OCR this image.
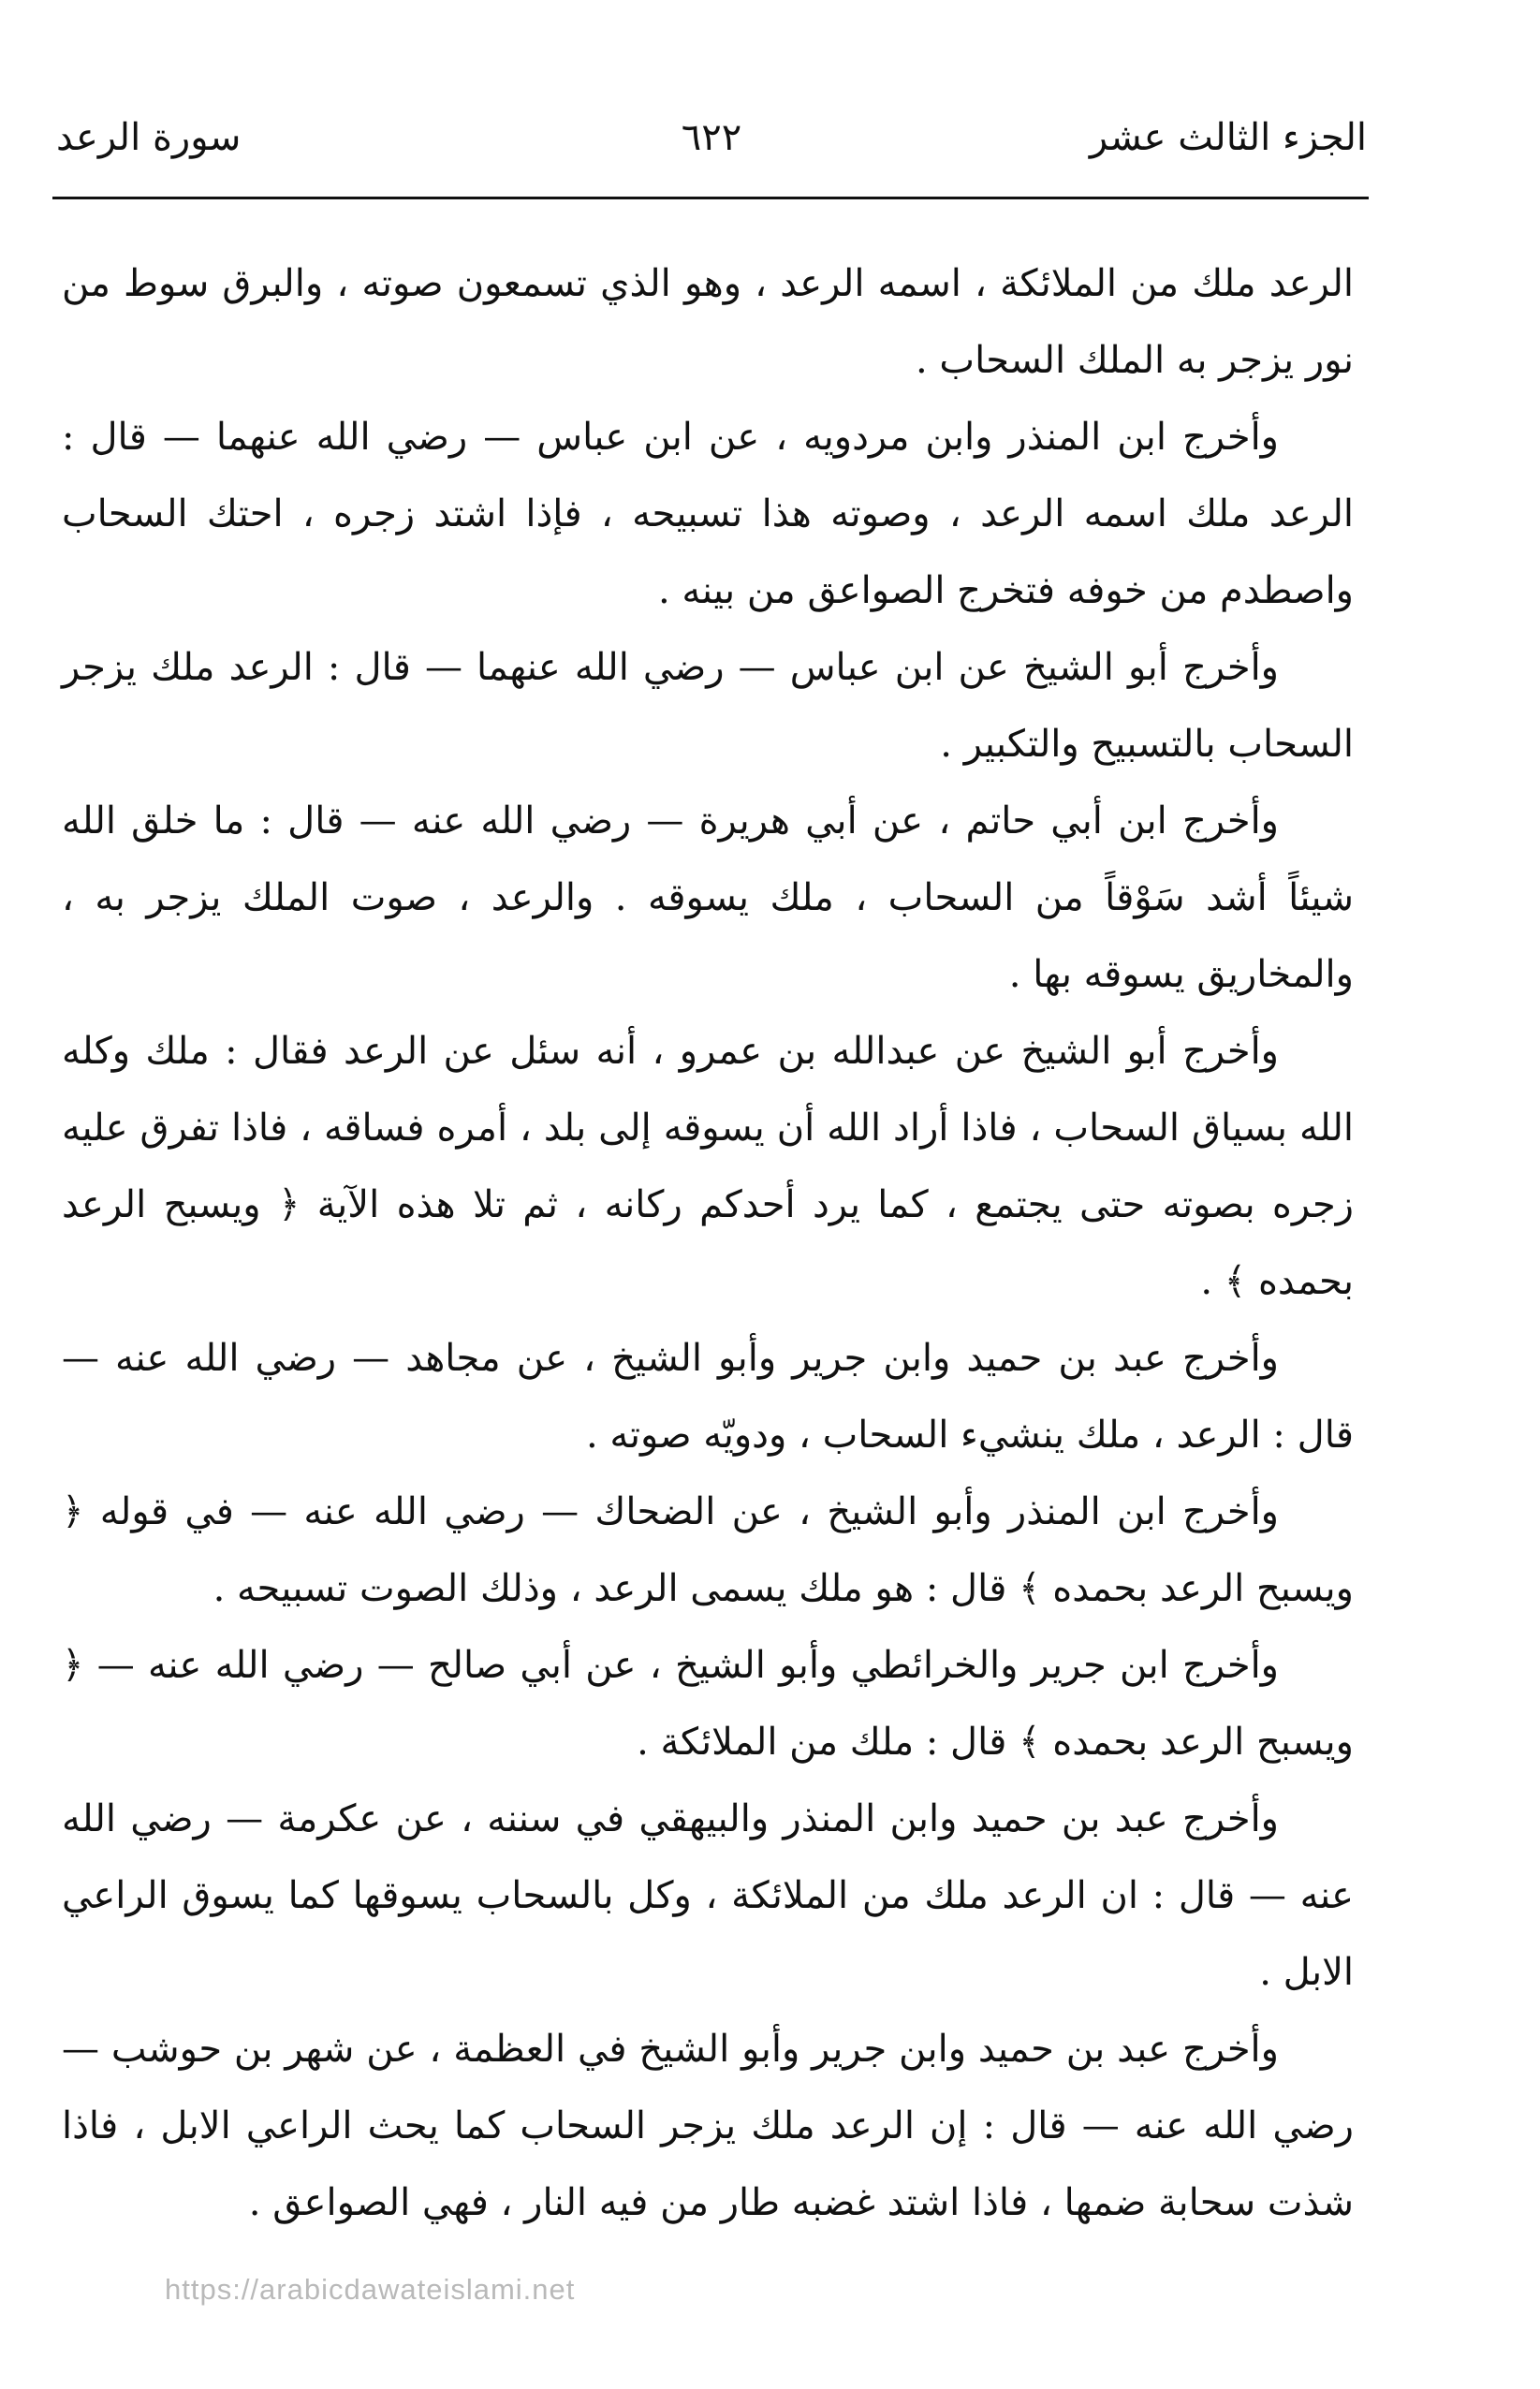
الجزء الثالث عشر
٦٢٢
سورة الرعد

الرعد ملك من الملائكة ، اسمه الرعد ، وهو الذي تسمعون صوته ، والبرق سوط من نور يزجر به الملك السحاب .

وأخرج ابن المنذر وابن مردويه ، عن ابن عباس — رضي الله عنهما — قال : الرعد ملك اسمه الرعد ، وصوته هذا تسبيحه ، فإذا اشتد زجره ، احتك السحاب واصطدم من خوفه فتخرج الصواعق من بينه .

وأخرج أبو الشيخ عن ابن عباس — رضي الله عنهما — قال : الرعد ملك يزجر السحاب بالتسبيح والتكبير .

وأخرج ابن أبي حاتم ، عن أبي هريرة — رضي الله عنه — قال : ما خلق الله شيئاً أشد سَوْقاً من السحاب ، ملك يسوقه . والرعد ، صوت الملك يزجر به ، والمخاريق يسوقه بها .

وأخرج أبو الشيخ عن عبدالله بن عمرو ، أنه سئل عن الرعد فقال : ملك وكله الله بسياق السحاب ، فاذا أراد الله أن يسوقه إلى بلد ، أمره فساقه ، فاذا تفرق عليه زجره بصوته حتى يجتمع ، كما يرد أحدكم ركانه ، ثم تلا هذه الآية ﴿ ويسبح الرعد بحمده ﴾ .

وأخرج عبد بن حميد وابن جرير وأبو الشيخ ، عن مجاهد — رضي الله عنه — قال : الرعد ، ملك ينشيء السحاب ، ودويّه صوته .

وأخرج ابن المنذر وأبو الشيخ ، عن الضحاك — رضي الله عنه — في قوله ﴿ ويسبح الرعد بحمده ﴾ قال : هو ملك يسمى الرعد ، وذلك الصوت تسبيحه .

وأخرج ابن جرير والخرائطي وأبو الشيخ ، عن أبي صالح — رضي الله عنه — ﴿ ويسبح الرعد بحمده ﴾ قال : ملك من الملائكة .

وأخرج عبد بن حميد وابن المنذر والبيهقي في سننه ، عن عكرمة — رضي الله عنه — قال : ان الرعد ملك من الملائكة ، وكل بالسحاب يسوقها كما يسوق الراعي الابل .

وأخرج عبد بن حميد وابن جرير وأبو الشيخ في العظمة ، عن شهر بن حوشب — رضي الله عنه — قال : إن الرعد ملك يزجر السحاب كما يحث الراعي الابل ، فاذا شذت سحابة ضمها ، فاذا اشتد غضبه طار من فيه النار ، فهي الصواعق .

https://arabicdawateislami.net
